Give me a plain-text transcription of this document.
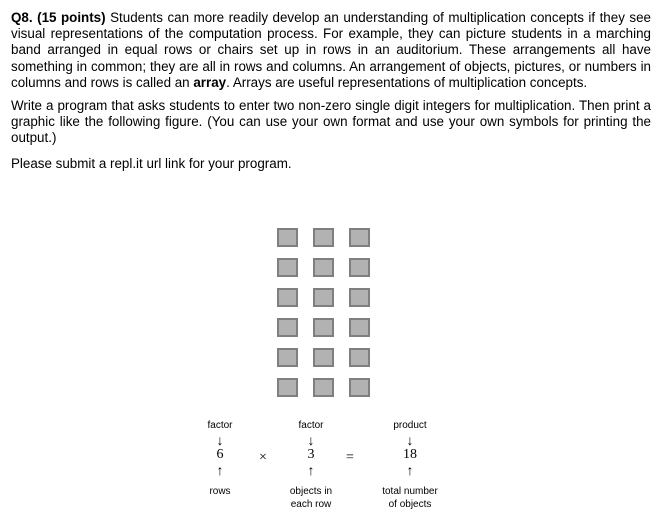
Q8. (15 points) Students can more readily develop an understanding of multiplication concepts if they see visual representations of the computation process. For example, they can picture students in a marching band arranged in equal rows or chairs set up in rows in an auditorium. These arrangements all have something in common; they are all in rows and columns. An arrangement of objects, pictures, or numbers in columns and rows is called an array. Arrays are useful representations of multiplication concepts.

Write a program that asks students to enter two non-zero single digit integers for multiplication. Then print a graphic like the following figure. (You can use your own format and use your own symbols for printing the output.)

Please submit a repl.it url link for your program.

factor
↓
6
↑
rows
×
factor
↓
3
↑
objects in
each row
=
product
↓
18
↑
total number
of objects
